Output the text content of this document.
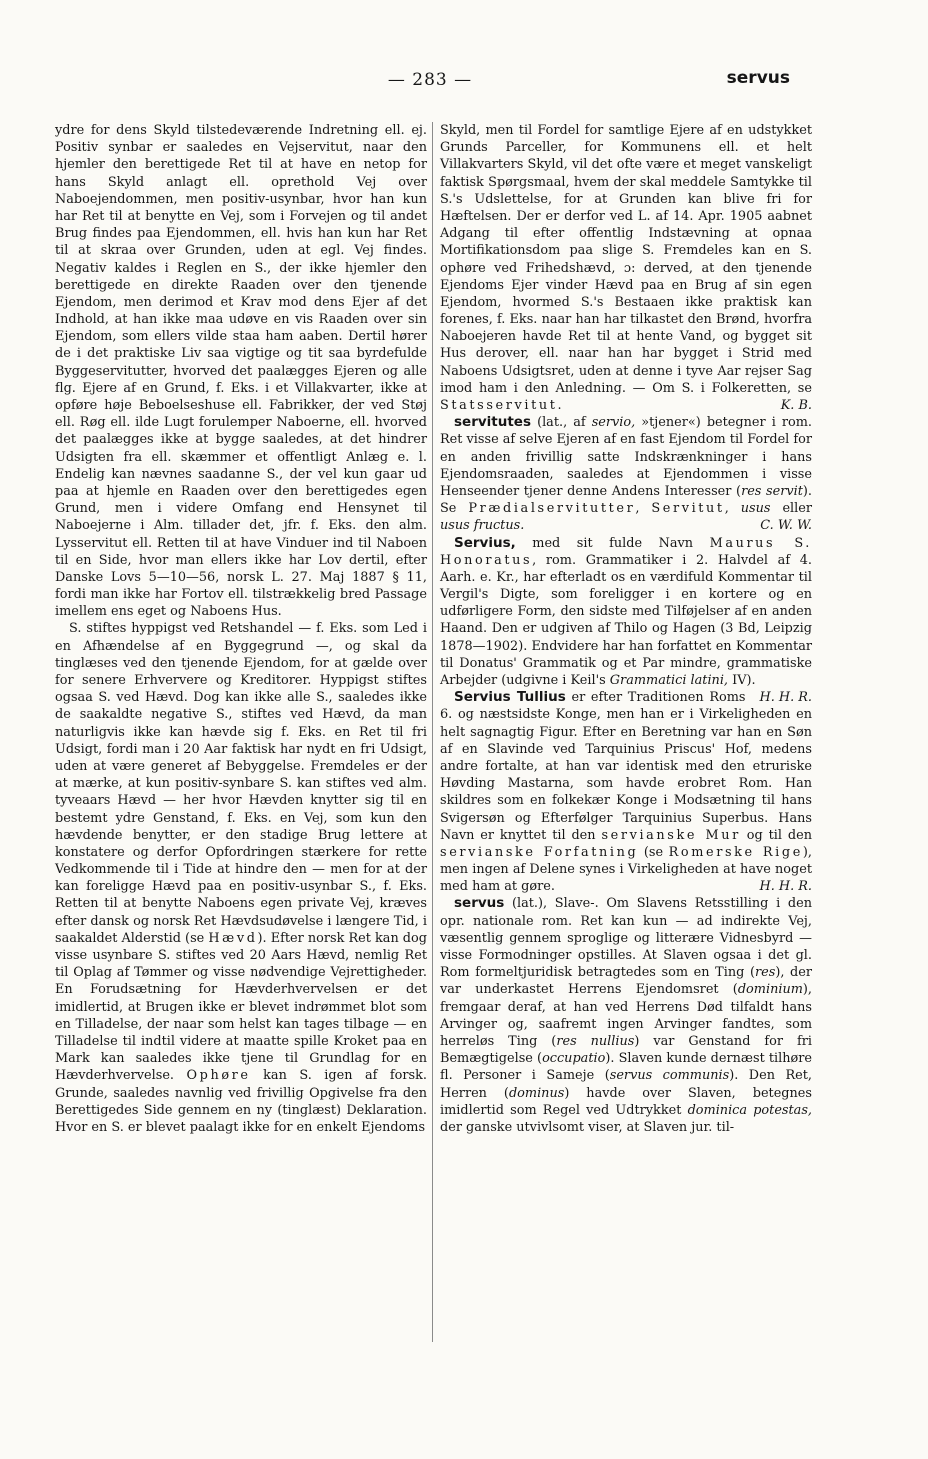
— 283 —	servus

ydre for dens Skyld tilstedeværende Indretning ell. ej. Positiv synbar er saaledes en Vejservitut, naar den hjemler den berettigede Ret til at have en netop for hans Skyld anlagt ell. oprethold Vej over Naboejendommen, men positiv-usynbar, hvor han kun har Ret til at benytte en Vej, som i Forvejen og til andet Brug findes paa Ejendommen, ell. hvis han kun har Ret til at skraa over Grunden, uden at egl. Vej findes. Negativ kaldes i Reglen en S., der ikke hjemler den berettigede en direkte Raaden over den tjenende Ejendom, men derimod et Krav mod dens Ejer af det Indhold, at han ikke maa udøve en vis Raaden over sin Ejendom, som ellers vilde staa ham aaben. Dertil hører de i det praktiske Liv saa vigtige og tit saa byrdefulde Byggeservitutter, hvorved det paalægges Ejeren og alle flg. Ejere af en Grund, f. Eks. i et Villakvarter, ikke at opføre høje Beboelseshuse ell. Fabrikker, der ved Støj ell. Røg ell. ilde Lugt forulemper Naboerne, ell. hvorved det paalægges ikke at bygge saaledes, at det hindrer Udsigten fra ell. skæmmer et offentligt Anlæg e. l. Endelig kan nævnes saadanne S., der vel kun gaar ud paa at hjemle en Raaden over den berettigedes egen Grund, men i videre Omfang end Hensynet til Naboejerne i Alm. tillader det, jfr. f. Eks. den alm. Lysservitut ell. Retten til at have Vinduer ind til Naboen til en Side, hvor man ellers ikke har Lov dertil, efter Danske Lovs 5—10—56, norsk L. 27. Maj 1887 § 11, fordi man ikke har Fortov ell. tilstrækkelig bred Passage imellem ens eget og Naboens Hus.

S. stiftes hyppigst ved Retshandel — f. Eks. som Led i en Afhændelse af en Byggegrund —, og skal da tinglæses ved den tjenende Ejendom, for at gælde over for senere Erhververe og Kreditorer. Hyppigst stiftes ogsaa S. ved Hævd. Dog kan ikke alle S., saaledes ikke de saakaldte negative S., stiftes ved Hævd, da man naturligvis ikke kan hævde sig f. Eks. en Ret til fri Udsigt, fordi man i 20 Aar faktisk har nydt en fri Udsigt, uden at være generet af Bebyggelse. Fremdeles er der at mærke, at kun positiv-synbare S. kan stiftes ved alm. tyveaars Hævd — her hvor Hævden knytter sig til en bestemt ydre Genstand, f. Eks. en Vej, som kun den hævdende benytter, er den stadige Brug lettere at konstatere og derfor Opfordringen stærkere for rette Vedkommende til i Tide at hindre den — men for at der kan foreligge Hævd paa en positiv-usynbar S., f. Eks. Retten til at benytte Naboens egen private Vej, kræves efter dansk og norsk Ret Hævdsudøvelse i længere Tid, i saakaldet Alderstid (se Hævd). Efter norsk Ret kan dog visse usynbare S. stiftes ved 20 Aars Hævd, nemlig Ret til Oplag af Tømmer og visse nødvendige Vejrettigheder. En Forudsætning for Hævderhvervelsen er det imidlertid, at Brugen ikke er blevet indrømmet blot som en Tilladelse, der naar som helst kan tages tilbage — en Tilladelse til indtil videre at maatte spille Kroket paa en Mark kan saaledes ikke tjene til Grundlag for en Hævderhvervelse. Ophøre kan S. igen af forsk. Grunde, saaledes navnlig ved frivillig Opgivelse fra den Berettigedes Side gennem en ny (tinglæst) Deklaration. Hvor en S. er blevet paalagt ikke for en enkelt Ejendoms

Skyld, men til Fordel for samtlige Ejere af en udstykket Grunds Parceller, for Kommunens ell. et helt Villakvarters Skyld, vil det ofte være et meget vanskeligt faktisk Spørgsmaal, hvem der skal meddele Samtykke til S.'s Udslettelse, for at Grunden kan blive fri for Hæftelsen. Der er derfor ved L. af 14. Apr. 1905 aabnet Adgang til efter offentlig Indstævning at opnaa Mortifikationsdom paa slige S. Fremdeles kan en S. ophøre ved Frihedshævd, ɔ: derved, at den tjenende Ejendoms Ejer vinder Hævd paa en Brug af sin egen Ejendom, hvormed S.'s Bestaaen ikke praktisk kan forenes, f. Eks. naar han har tilkastet den Brønd, hvorfra Naboejeren havde Ret til at hente Vand, og bygget sit Hus derover, ell. naar han har bygget i Strid med Naboens Udsigtsret, uden at denne i tyve Aar rejser Sag imod ham i den Anledning. — Om S. i Folkeretten, se Statsservitut.	K. B.

servitutes (lat., af servio, »tjener«) betegner i rom. Ret visse af selve Ejeren af en fast Ejendom til Fordel for en anden frivillig satte Indskrænkninger i hans Ejendomsraaden, saaledes at Ejendommen i visse Henseender tjener denne Andens Interesser (res servit). Se Prædialservitutter, Servitut, usus eller usus fructus.	C. W. W.

Servius, med sit fulde Navn Maurus S. Honoratus, rom. Grammatiker i 2. Halvdel af 4. Aarh. e. Kr., har efterladt os en værdifuld Kommentar til Vergil's Digte, som foreligger i en kortere og en udførligere Form, den sidste med Tilføjelser af en anden Haand. Den er udgiven af Thilo og Hagen (3 Bd, Leipzig 1878—1902). Endvidere har han forfattet en Kommentar til Donatus' Grammatik og et Par mindre, grammatiske Arbejder (udgivne i Keil's Grammatici latini, IV).
H. H. R.

Servius Tullius er efter Traditionen Roms 6. og næstsidste Konge, men han er i Virkeligheden en helt sagnagtig Figur. Efter en Beretning var han en Søn af en Slavinde ved Tarquinius Priscus' Hof, medens andre fortalte, at han var identisk med den etruriske Høvding Mastarna, som havde erobret Rom. Han skildres som en folkekær Konge i Modsætning til hans Svigersøn og Efterfølger Tarquinius Superbus. Hans Navn er knyttet til den servianske Mur og til den servianske Forfatning (se Romerske Rige), men ingen af Delene synes i Virkeligheden at have noget med ham at gøre.	H. H. R.

servus (lat.), Slave-. Om Slavens Retsstilling i den opr. nationale rom. Ret kan kun — ad indirekte Vej, væsentlig gennem sproglige og litterære Vidnesbyrd — visse Formodninger opstilles. At Slaven ogsaa i det gl. Rom formeltjuridisk betragtedes som en Ting (res), der var underkastet Herrens Ejendomsret (dominium), fremgaar deraf, at han ved Herrens Død tilfaldt hans Arvinger og, saafremt ingen Arvinger fandtes, som herreløs Ting (res nullius) var Genstand for fri Bemægtigelse (occupatio). Slaven kunde dernæst tilhøre fl. Personer i Sameje (servus communis). Den Ret, Herren (dominus) havde over Slaven, betegnes imidlertid som Regel ved Udtrykket dominica potestas, der ganske utvivlsomt viser, at Slaven jur. til-
